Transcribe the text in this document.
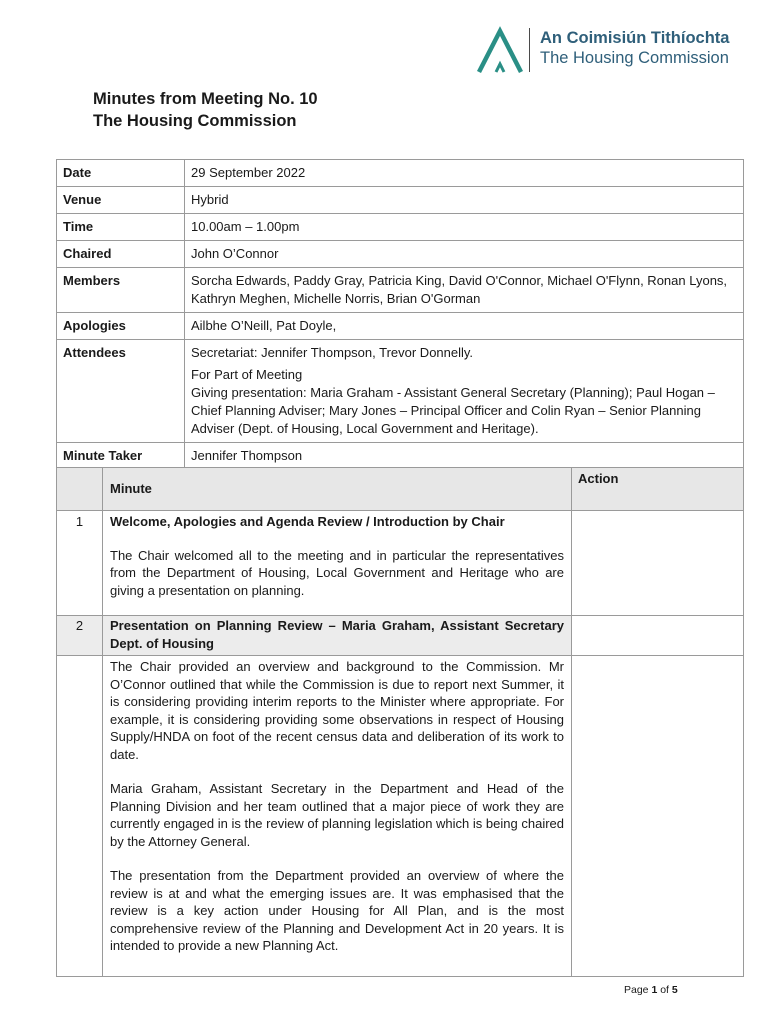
An Coimisiún Tithíochta
The Housing Commission
Minutes from Meeting No. 10
The Housing Commission
Date	29 September 2022
Venue	Hybrid
Time	10.00am – 1.00pm
Chaired	John O’Connor
Members	Sorcha Edwards, Paddy Gray, Patricia King, David O'Connor, Michael O'Flynn, Ronan Lyons, Kathryn Meghen, Michelle Norris, Brian O'Gorman
Apologies	Ailbhe O’Neill, Pat Doyle,
Attendees	Secretariat: Jennifer Thompson, Trevor Donnelly.
For Part of Meeting
Giving presentation: Maria Graham - Assistant General Secretary (Planning); Paul Hogan – Chief Planning Adviser; Mary Jones – Principal Officer and Colin Ryan – Senior Planning Adviser (Dept. of Housing, Local Government and Heritage).

Minute Taker	Jennifer Thompson
	Minute	Action
1	Welcome, Apologies and Agenda Review / Introduction by Chair
The Chair welcomed all to the meeting and in particular the representatives from the Department of Housing, Local Government and Heritage who are giving a presentation on planning.	

2	Presentation on Planning Review – Maria Graham, Assistant Secretary Dept. of Housing	

	The Chair provided an overview and background to the Commission. Mr O’Connor outlined that while the Commission is due to report next Summer, it is considering providing interim reports to the Minister where appropriate. For example, it is considering providing some observations in respect of Housing Supply/HNDA on foot of the recent census data and deliberation of its work to date.
Maria Graham, Assistant Secretary in the Department and Head of the Planning Division and her team outlined that a major piece of work they are currently engaged in is the review of planning legislation which is being chaired by the Attorney General.
The presentation from the Department provided an overview of where the review is at and what the emerging issues are. It was emphasised that the review is a key action under Housing for All Plan, and is the most comprehensive review of the Planning and Development Act in 20 years. It is intended to provide a new Planning Act.	

Page 1 of 5
